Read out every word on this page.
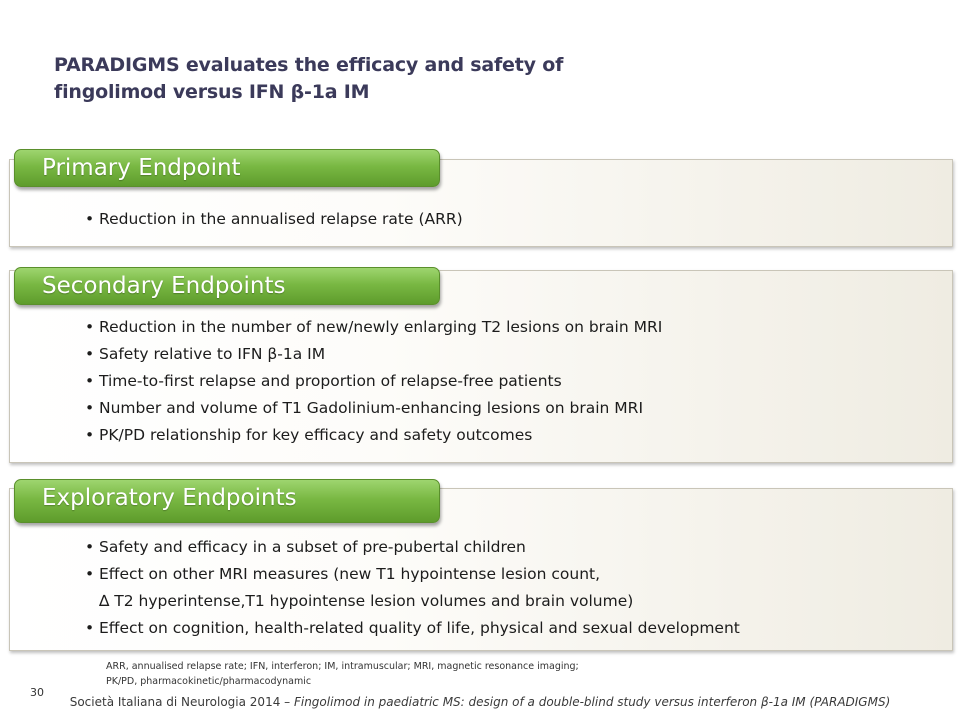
PARADIGMS evaluates the efficacy and safety of
fingolimod versus IFN β-1a IM
Primary Endpoint
• Reduction in the annualised relapse rate (ARR)
Secondary Endpoints
• Reduction in the number of new/newly enlarging T2 lesions on brain MRI
• Safety relative to IFN β-1a IM
• Time-to-first relapse and proportion of relapse-free patients
• Number and volume of T1 Gadolinium-enhancing lesions on brain MRI
• PK/PD relationship for key efficacy and safety outcomes
Exploratory Endpoints
• Safety and efficacy in a subset of pre-pubertal children
• Effect on other MRI measures (new T1 hypointense lesion count,
∆ T2 hyperintense,T1 hypointense lesion volumes and brain volume)
• Effect on cognition, health-related quality of life, physical and sexual development
ARR, annualised relapse rate; IFN, interferon; IM, intramuscular; MRI, magnetic resonance imaging;
PK/PD, pharmacokinetic/pharmacodynamic
30
Società Italiana di Neurologia 2014 – Fingolimod in paediatric MS: design of a double-blind study versus interferon β-1a IM (PARADIGMS)
